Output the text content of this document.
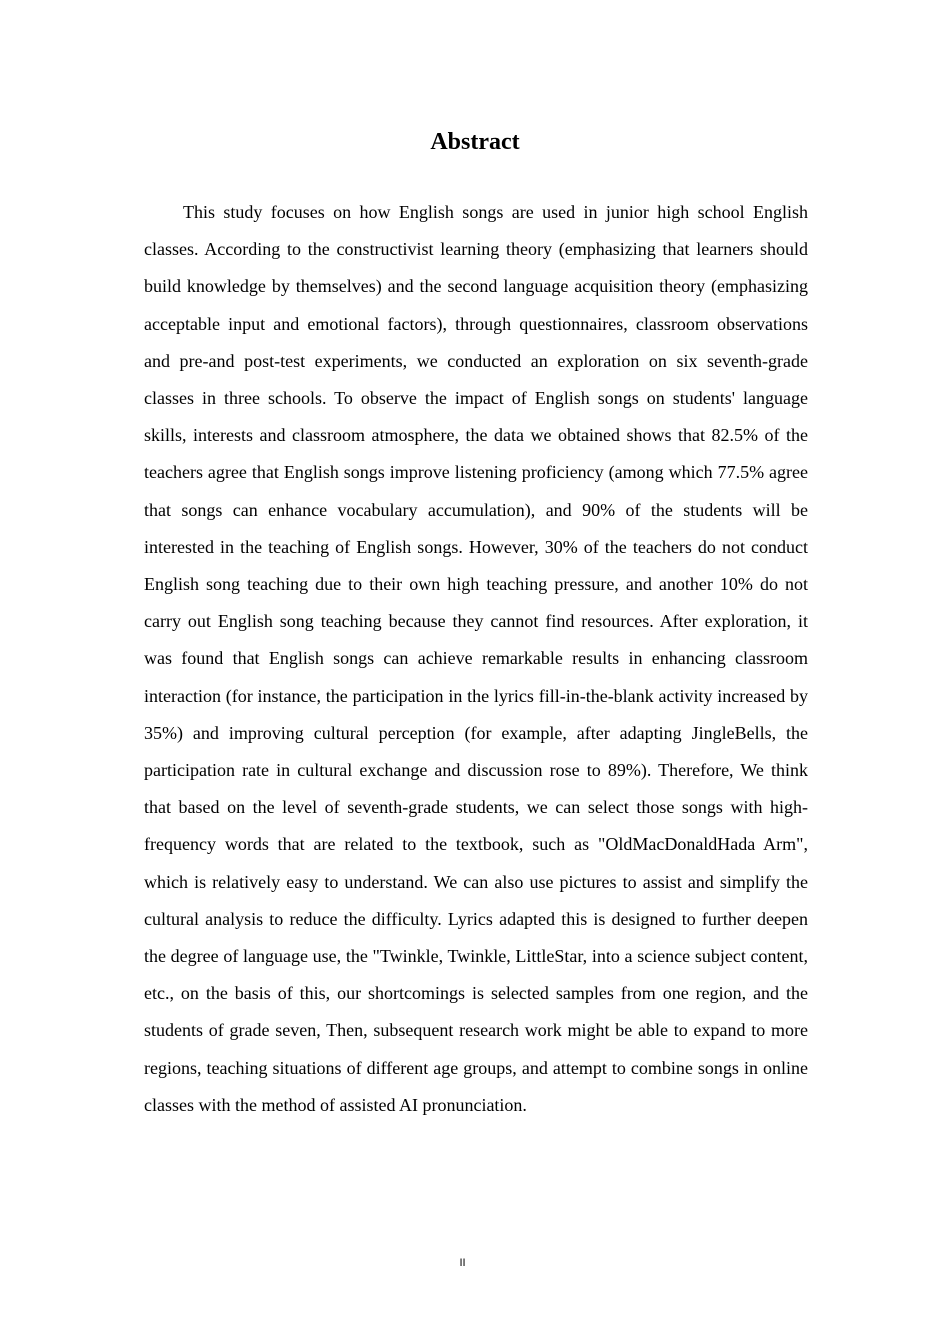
Abstract

This study focuses on how English songs are used in junior high school English classes. According to the constructivist learning theory (emphasizing that learners should build knowledge by themselves) and the second language acquisition theory (emphasizing acceptable input and emotional factors), through questionnaires, classroom observations and pre-and post-test experiments, we conducted an exploration on six seventh-grade classes in three schools. To observe the impact of English songs on students' language skills, interests and classroom atmosphere, the data we obtained shows that 82.5% of the teachers agree that English songs improve listening proficiency (among which 77.5% agree that songs can enhance vocabulary accumulation), and 90% of the students will be interested in the teaching of English songs. However, 30% of the teachers do not conduct English song teaching due to their own high teaching pressure, and another 10% do not carry out English song teaching because they cannot find resources. After exploration, it was found that English songs can achieve remarkable results in enhancing classroom interaction (for instance, the participation in the lyrics fill-in-the-blank activity increased by 35%) and improving cultural perception (for example, after adapting JingleBells, the participation rate in cultural exchange and discussion rose to 89%). Therefore, We think that based on the level of seventh-grade students, we can select those songs with high-frequency words that are related to the textbook, such as "OldMacDonaldHada Arm", which is relatively easy to understand. We can also use pictures to assist and simplify the cultural analysis to reduce the difficulty. Lyrics adapted this is designed to further deepen the degree of language use, the "Twinkle, Twinkle, LittleStar, into a science subject content, etc., on the basis of this, our shortcomings is selected samples from one region, and the students of grade seven, Then, subsequent research work might be able to expand to more regions, teaching situations of different age groups, and attempt to combine songs in online classes with the method of assisted AI pronunciation.

II
